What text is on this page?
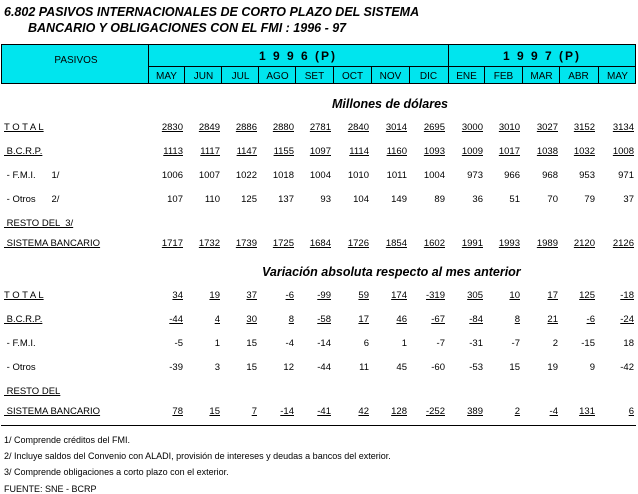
6.802 PASIVOS INTERNACIONALES DE CORTO PLAZO DEL SISTEMA
BANCARIO Y OBLIGACIONES CON EL FMI : 1996 - 97
PASIVOS	1 9 9 6 (P)	1 9 9 7 (P)
MAY	JUN	JUL	AGO	SET	OCT	NOV	DIC	ENE	FEB	MAR	ABR	MAY
Millones de dólares
T O T A L	2830	2849	2886	2880	2781	2840	3014	2695	3000	3010	3027	3152	3134
B.C.R.P.	1113	1117	1147	1155	1097	1114	1160	1093	1009	1017	1038	1032	1008
- F.M.I.      1/	1006	1007	1022	1018	1004	1010	1011	1004	973	966	968	953	971
- Otros      2/	107	110	125	137	93	104	149	89	36	51	70	79	37
RESTO DEL  3/
SISTEMA BANCARIO	1717	1732	1739	1725	1684	1726	1854	1602	1991	1993	1989	2120	2126
Variación absoluta respecto al mes anterior
T O T A L	34	19	37	-6	-99	59	174	-319	305	10	17	125	-18
B.C.R.P.	-44	4	30	8	-58	17	46	-67	-84	8	21	-6	-24
- F.M.I.	-5	1	15	-4	-14	6	1	-7	-31	-7	2	-15	18
- Otros	-39	3	15	12	-44	11	45	-60	-53	15	19	9	-42
RESTO DEL
SISTEMA BANCARIO	78	15	7	-14	-41	42	128	-252	389	2	-4	131	6
1/ Comprende créditos del FMI.
2/ Incluye saldos del Convenio con ALADI, provisión de intereses y deudas a bancos del exterior.
3/ Comprende obligaciones a corto plazo con el exterior.
FUENTE: SNE - BCRP
